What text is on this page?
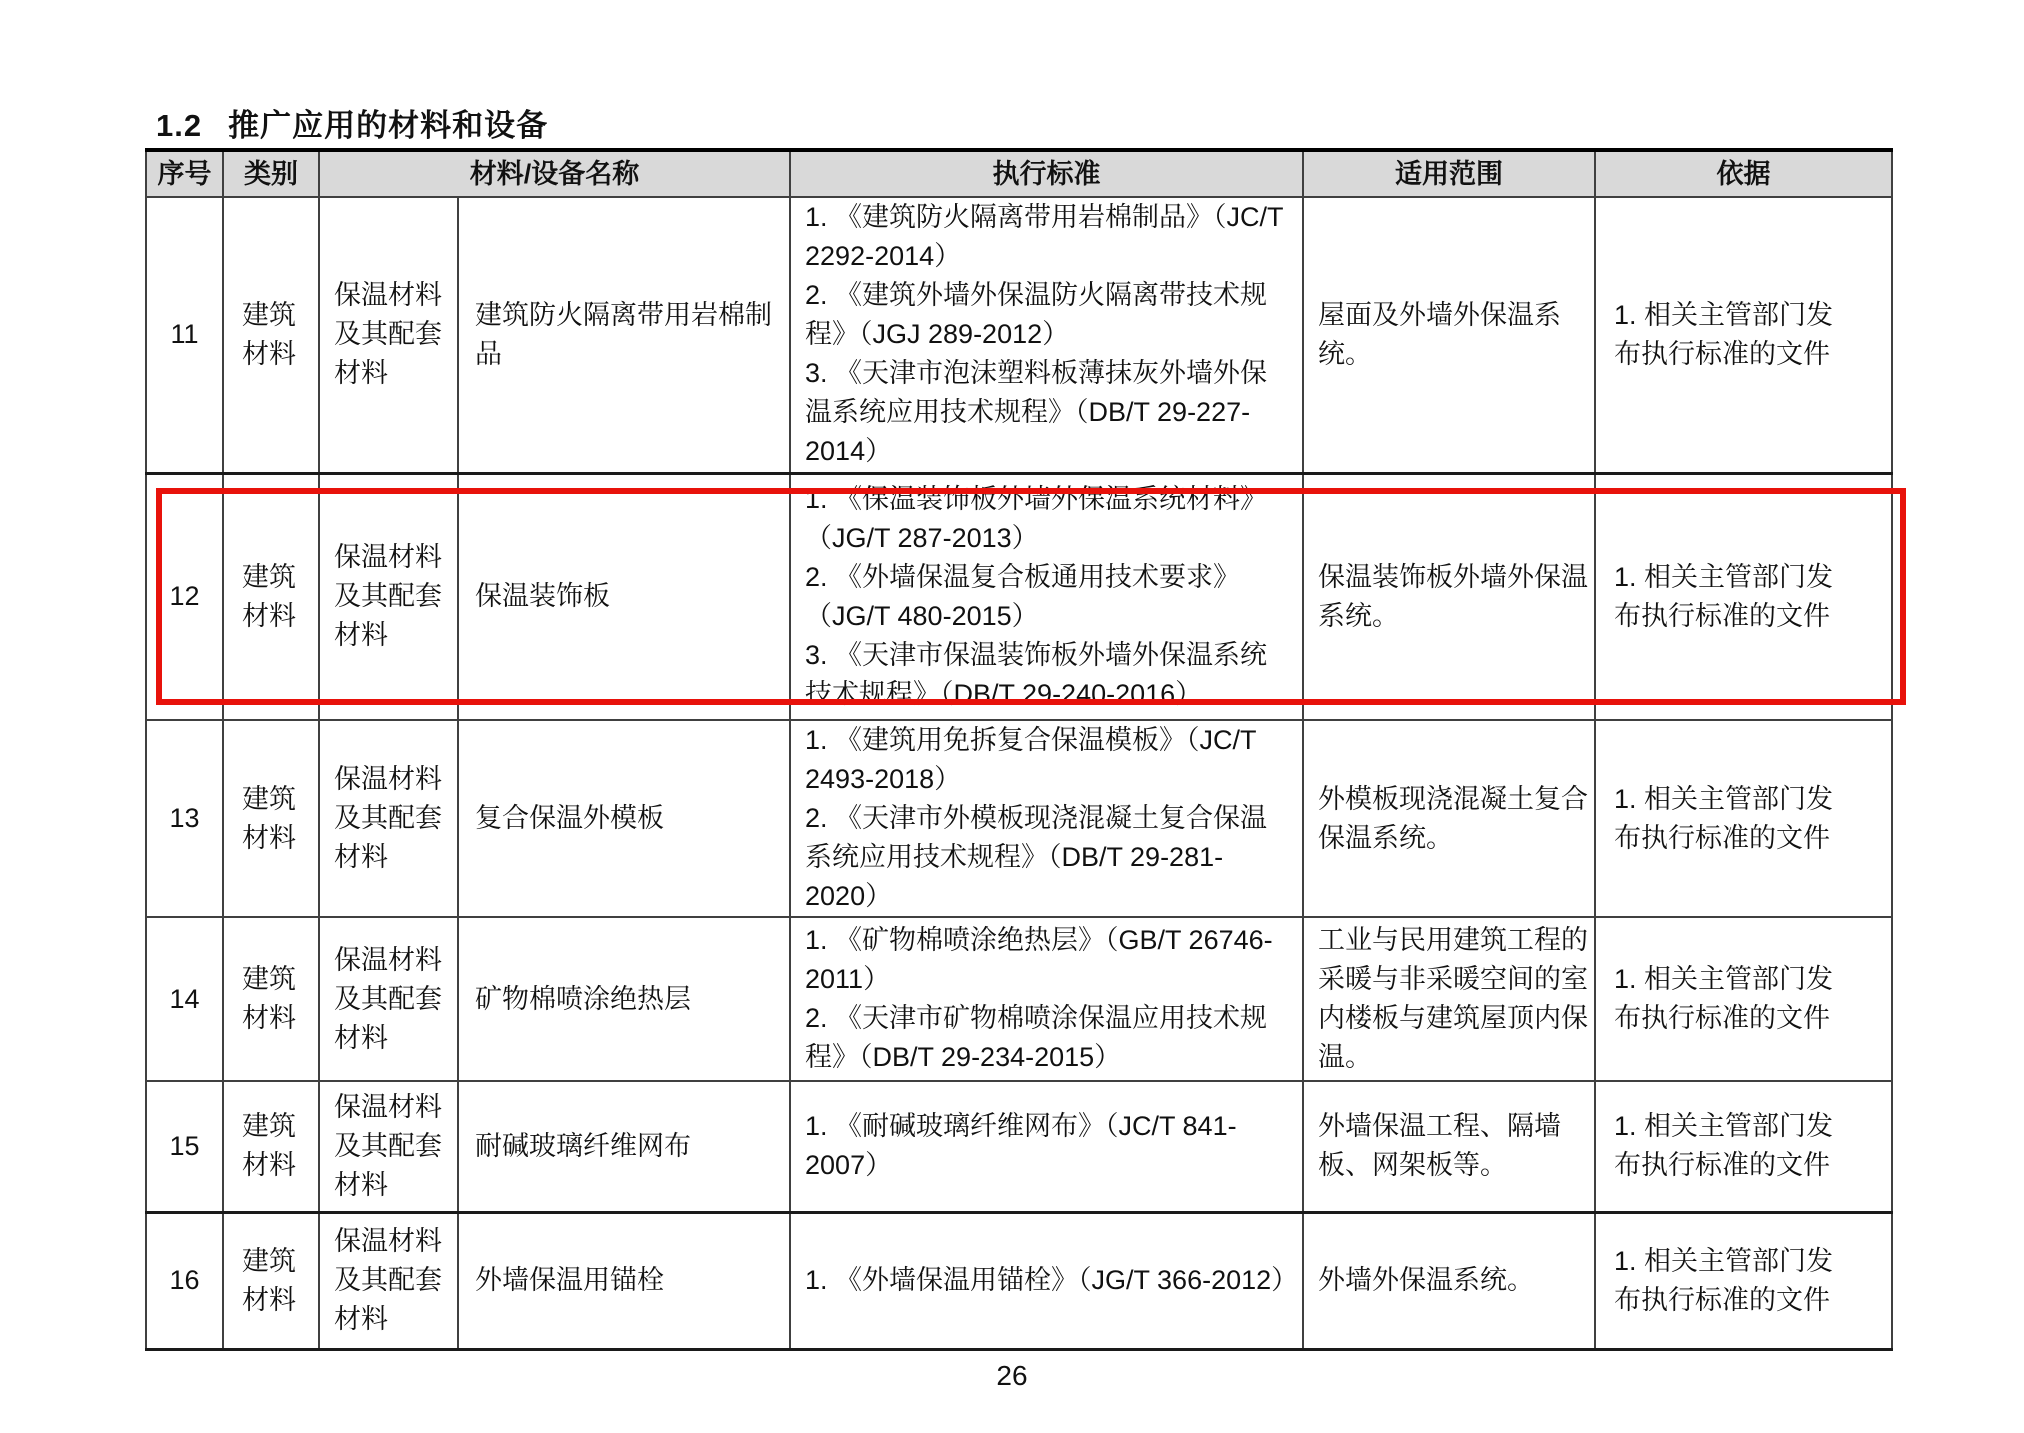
1.2 推广应用的材料和设备
序号	类别	材料/设备名称		执行标准	适用范围	依据
11	建筑材料	保温材料及其配套材料	建筑防火隔离带用岩棉制品	1. 《建筑防火隔离带用岩棉制品》（JC/T 2292-2014）
2. 《建筑外墙外保温防火隔离带技术规程》（JGJ 289-2012）
3. 《天津市泡沫塑料板薄抹灰外墙外保温系统应用技术规程》（DB/T 29-227-2014）	屋面及外墙外保温系统。	1. 相关主管部门发布执行标准的文件
12	建筑材料	保温材料及其配套材料	保温装饰板	1. 《保温装饰板外墙外保温系统材料》（JG/T 287-2013）
2. 《外墙保温复合板通用技术要求》（JG/T 480-2015）
3. 《天津市保温装饰板外墙外保温系统技术规程》（DB/T 29-240-2016）	保温装饰板外墙外保温系统。	1. 相关主管部门发布执行标准的文件
13	建筑材料	保温材料及其配套材料	复合保温外模板	1. 《建筑用免拆复合保温模板》（JC/T 2493-2018）
2. 《天津市外模板现浇混凝土复合保温系统应用技术规程》（DB/T 29-281-2020）	外模板现浇混凝土复合保温系统。	1. 相关主管部门发布执行标准的文件
14	建筑材料	保温材料及其配套材料	矿物棉喷涂绝热层	1. 《矿物棉喷涂绝热层》（GB/T 26746-2011）
2. 《天津市矿物棉喷涂保温应用技术规程》（DB/T 29-234-2015）	工业与民用建筑工程的采暖与非采暖空间的室内楼板与建筑屋顶内保温。	1. 相关主管部门发布执行标准的文件
15	建筑材料	保温材料及其配套材料	耐碱玻璃纤维网布	1. 《耐碱玻璃纤维网布》（JC/T 841-2007）	外墙保温工程、隔墙板、网架板等。	1. 相关主管部门发布执行标准的文件
16	建筑材料	保温材料及其配套材料	外墙保温用锚栓	1. 《外墙保温用锚栓》（JG/T 366-2012）	外墙外保温系统。	1. 相关主管部门发布执行标准的文件
26
